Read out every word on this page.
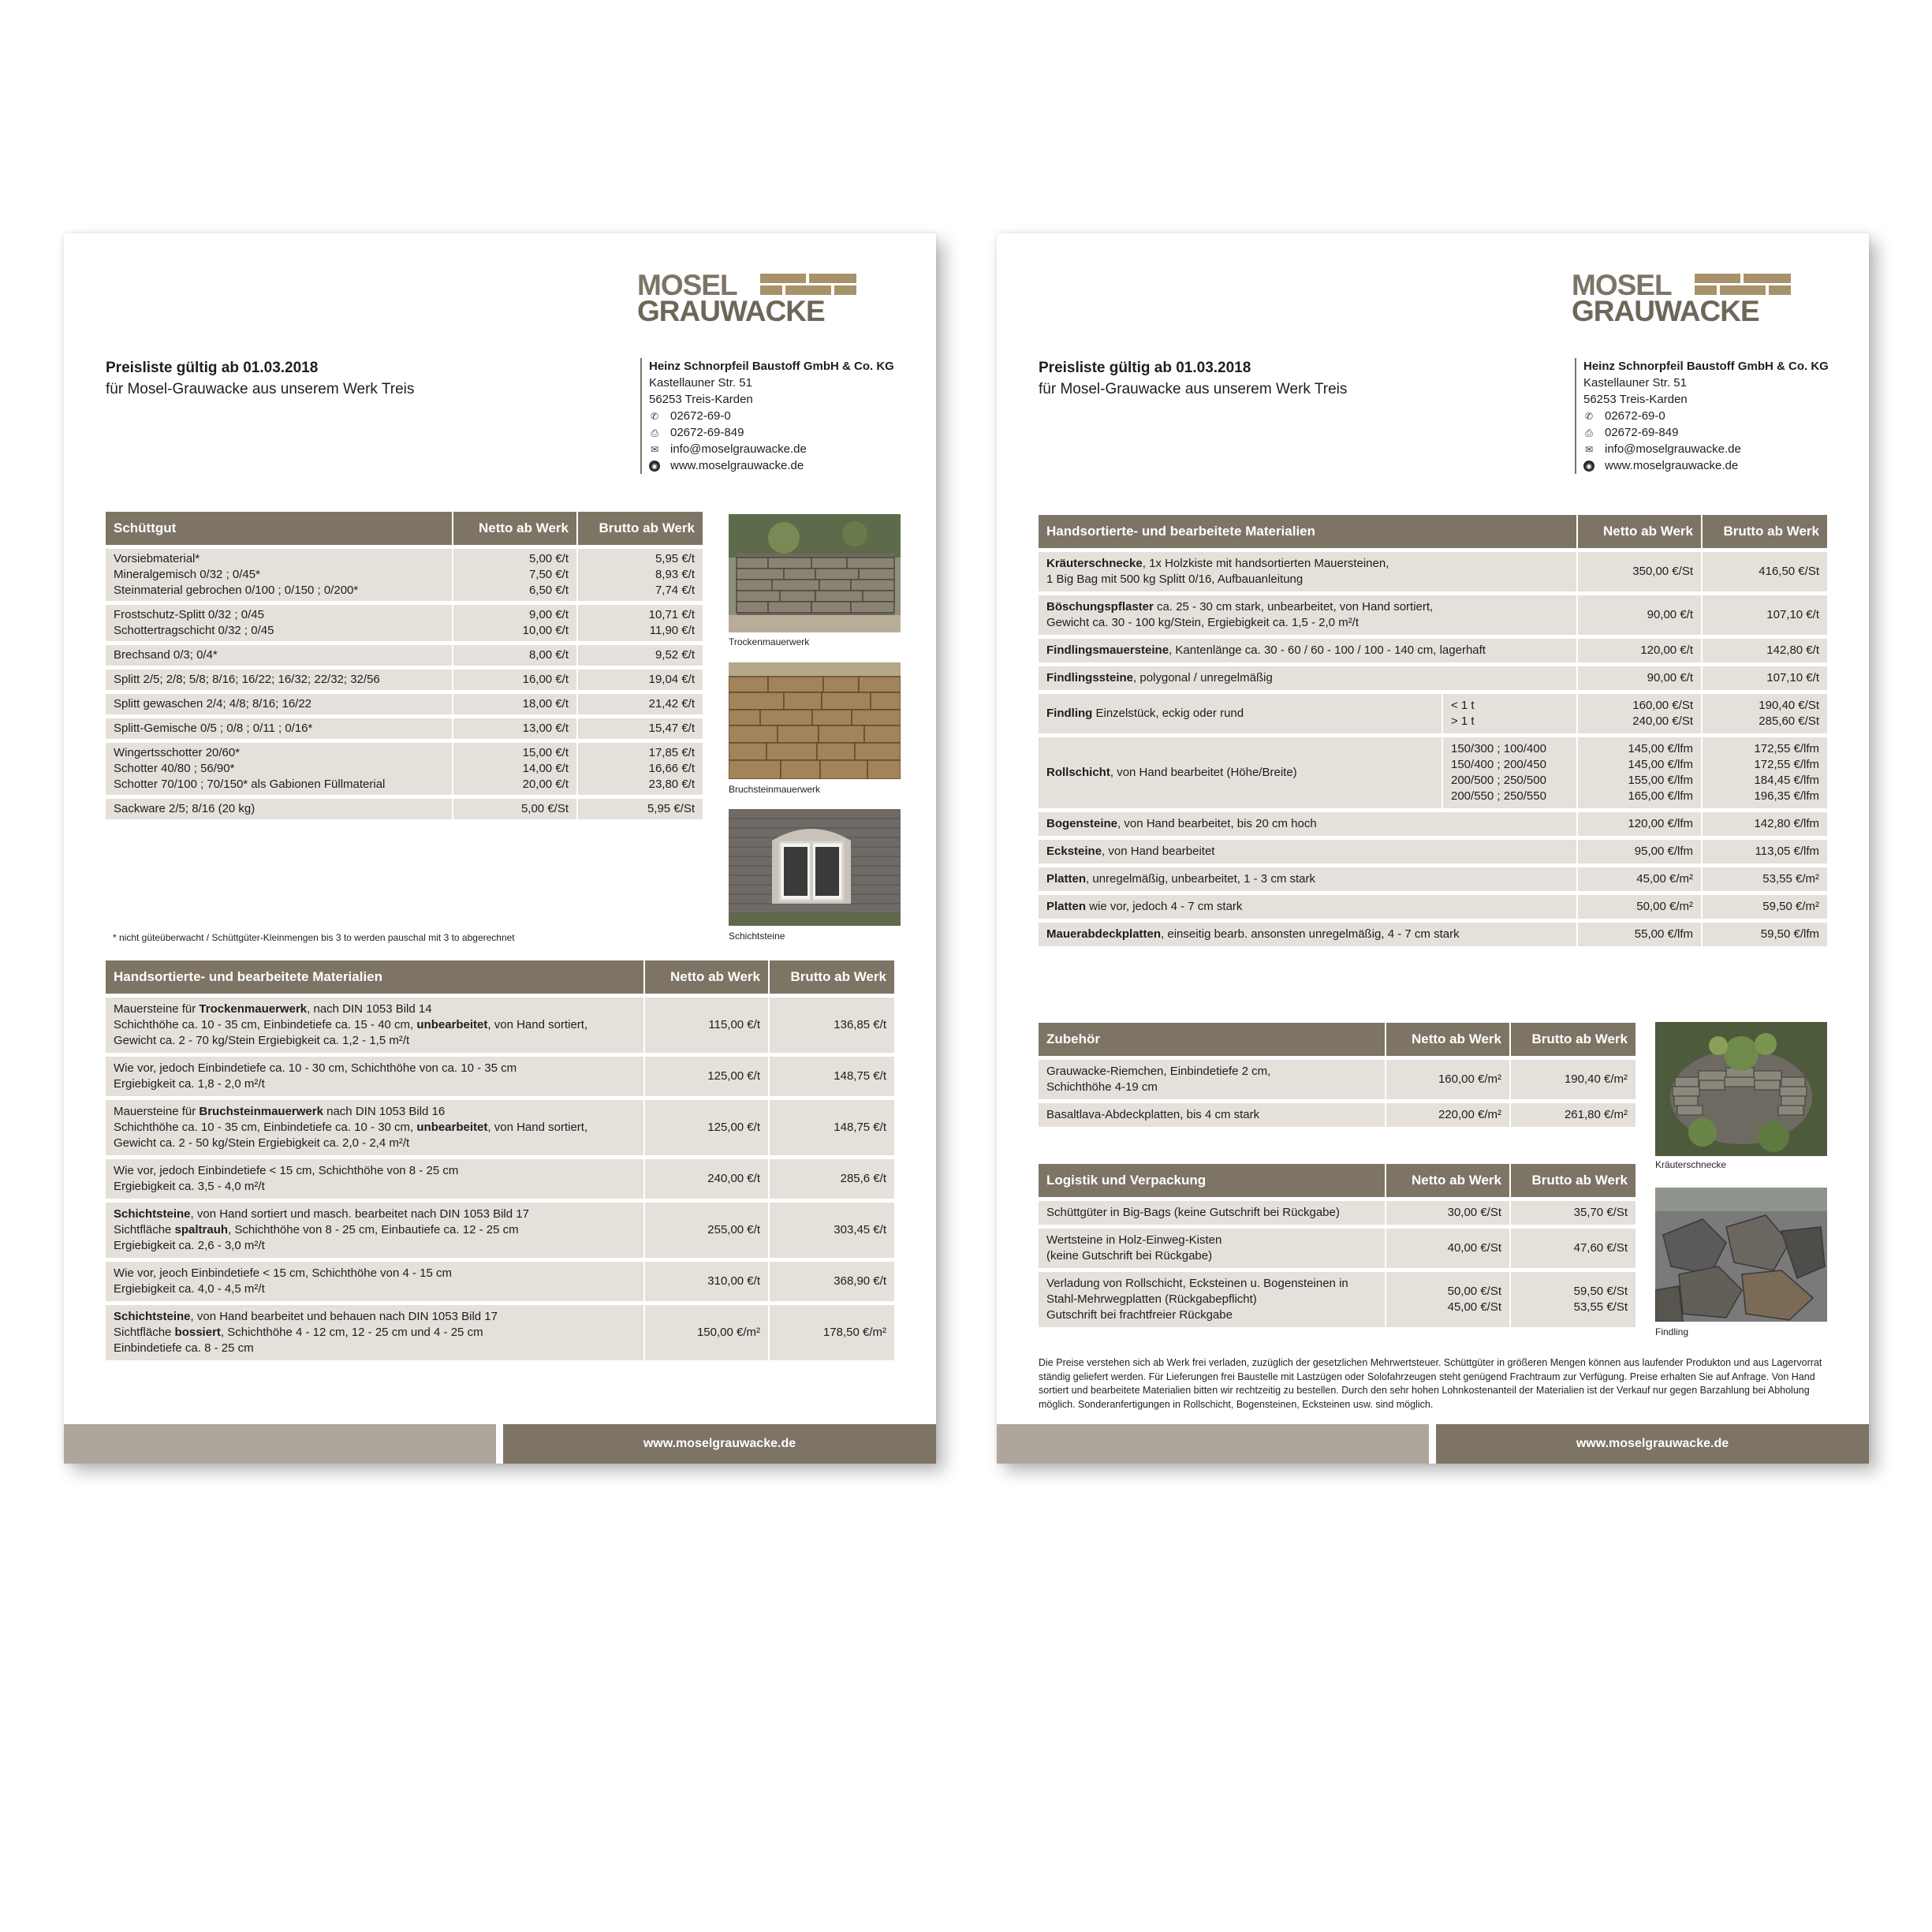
MOSEL
GRAUWACKE
Preisliste gültig ab 01.03.2018
für Mosel-Grauwacke aus unserem Werk Treis
Heinz Schnorpfeil Baustoff GmbH & Co. KG
Kastellauner Str. 51
56253 Treis-Karden
✆ 02672-69-0
⎙ 02672-69-849
✉ info@moselgrauwacke.de
◉ www.moselgrauwacke.de
Schüttgut	Netto ab Werk	Brutto ab Werk

Vorsiebmaterial*
Mineralgemisch 0/32 ; 0/45*
Steinmaterial gebrochen 0/100 ; 0/150 ; 0/200*	5,00 €/t
7,50 €/t
6,50 €/t	5,95 €/t
8,93 €/t
7,74 €/t

Frostschutz-Splitt 0/32 ; 0/45
Schottertragschicht 0/32 ; 0/45	9,00 €/t
10,00 €/t	10,71 €/t
11,90 €/t

Brechsand 0/3; 0/4*	8,00 €/t	9,52 €/t

Splitt 2/5; 2/8; 5/8; 8/16; 16/22; 16/32; 22/32; 32/56	16,00 €/t	19,04 €/t

Splitt gewaschen 2/4; 4/8; 8/16; 16/22	18,00 €/t	21,42 €/t

Splitt-Gemische 0/5 ; 0/8 ; 0/11 ; 0/16*	13,00 €/t	15,47 €/t

Wingertsschotter 20/60*
Schotter 40/80 ; 56/90*
Schotter 70/100 ; 70/150* als Gabionen Füllmaterial	15,00 €/t
14,00 €/t
20,00 €/t	17,85 €/t
16,66 €/t
23,80 €/t

Sackware 2/5; 8/16 (20 kg)	5,00 €/St	5,95 €/St
* nicht güteüberwacht / Schüttgüter-Kleinmengen bis 3 to werden pauschal mit 3 to abgerechnet
Trockenmauerwerk
Bruchsteinmauerwerk
Schichtsteine
Handsortierte- und bearbeitete Materialien	Netto ab Werk	Brutto ab Werk

Mauersteine für Trockenmauerwerk, nach DIN 1053 Bild 14
Schichthöhe ca. 10 - 35 cm, Einbindetiefe ca. 15 - 40 cm, unbearbeitet, von Hand sortiert,
Gewicht ca. 2 - 70 kg/Stein Ergiebigkeit ca. 1,2 - 1,5 m²/t	115,00 €/t	136,85 €/t

Wie vor, jedoch Einbindetiefe ca. 10 - 30 cm, Schichthöhe von ca. 10 - 35 cm
Ergiebigkeit ca. 1,8 - 2,0 m²/t	125,00 €/t	148,75 €/t

Mauersteine für Bruchsteinmauerwerk nach DIN 1053 Bild 16
Schichthöhe ca. 10 - 35 cm, Einbindetiefe ca. 10 - 30 cm, unbearbeitet, von Hand sortiert,
Gewicht ca. 2 - 50 kg/Stein Ergiebigkeit ca. 2,0 - 2,4 m²/t	125,00 €/t	148,75 €/t

Wie vor, jedoch Einbindetiefe < 15 cm, Schichthöhe von 8 - 25 cm
Ergiebigkeit ca. 3,5 - 4,0 m²/t	240,00 €/t	285,6 €/t

Schichtsteine, von Hand sortiert und masch. bearbeitet nach DIN 1053 Bild 17
Sichtfläche spaltrauh, Schichthöhe von 8 - 25 cm, Einbautiefe ca. 12 - 25 cm
Ergiebigkeit ca. 2,6 - 3,0 m²/t	255,00 €/t	303,45 €/t

Wie vor, jeoch Einbindetiefe < 15 cm, Schichthöhe von 4 - 15 cm
Ergiebigkeit ca. 4,0 - 4,5 m²/t	310,00 €/t	368,90 €/t

Schichtsteine, von Hand bearbeitet und behauen nach DIN 1053 Bild 17
Sichtfläche bossiert, Schichthöhe 4 - 12 cm, 12 - 25 cm und 4 - 25 cm
Einbindetiefe ca. 8 - 25 cm	150,00 €/m²	178,50 €/m²
www.moselgrauwacke.de
MOSEL
GRAUWACKE
Preisliste gültig ab 01.03.2018
für Mosel-Grauwacke aus unserem Werk Treis
Heinz Schnorpfeil Baustoff GmbH & Co. KG
Kastellauner Str. 51
56253 Treis-Karden
✆ 02672-69-0
⎙ 02672-69-849
✉ info@moselgrauwacke.de
◉ www.moselgrauwacke.de
Handsortierte- und bearbeitete Materialien		Netto ab Werk	Brutto ab Werk

Kräuterschnecke, 1x Holzkiste mit handsortierten Mauersteinen,
1 Big Bag mit 500 kg Splitt 0/16, Aufbauanleitung		350,00 €/St	416,50 €/St

Böschungspflaster ca. 25 - 30 cm stark, unbearbeitet, von Hand sortiert,
Gewicht ca. 30 - 100 kg/Stein, Ergiebigkeit ca. 1,5 - 2,0 m²/t		90,00 €/t	107,10 €/t

Findlingsmauersteine, Kantenlänge ca. 30 - 60 / 60 - 100 / 100 - 140 cm, lagerhaft		120,00 €/t	142,80 €/t

Findlingssteine, polygonal / unregelmäßig		90,00 €/t	107,10 €/t

Findling Einzelstück, eckig oder rund	< 1 t
> 1 t	160,00 €/St
240,00 €/St	190,40 €/St
285,60 €/St

Rollschicht, von Hand bearbeitet (Höhe/Breite)	150/300 ; 100/400
150/400 ; 200/450
200/500 ; 250/500
200/550 ; 250/550	145,00 €/lfm
145,00 €/lfm
155,00 €/lfm
165,00 €/lfm	172,55 €/lfm
172,55 €/lfm
184,45 €/lfm
196,35 €/lfm

Bogensteine, von Hand bearbeitet, bis 20 cm hoch		120,00 €/lfm	142,80 €/lfm

Ecksteine, von Hand bearbeitet		95,00 €/lfm	113,05 €/lfm

Platten, unregelmäßig, unbearbeitet, 1 - 3 cm stark		45,00 €/m²	53,55 €/m²

Platten wie vor, jedoch 4 - 7 cm stark		50,00 €/m²	59,50 €/m²

Mauerabdeckplatten, einseitig bearb. ansonsten unregelmäßig, 4 - 7 cm stark		55,00 €/lfm	59,50 €/lfm
Zubehör	Netto ab Werk	Brutto ab Werk

Grauwacke-Riemchen, Einbindetiefe 2 cm,
Schichthöhe 4-19 cm	160,00 €/m²	190,40 €/m²

Basaltlava-Abdeckplatten, bis 4 cm stark	220,00 €/m²	261,80 €/m²
Logistik und Verpackung	Netto ab Werk	Brutto ab Werk

Schüttgüter in Big-Bags (keine Gutschrift bei Rückgabe)	30,00 €/St	35,70 €/St

Wertsteine in Holz-Einweg-Kisten
(keine Gutschrift bei Rückgabe)	40,00 €/St	47,60 €/St

Verladung von Rollschicht, Ecksteinen u. Bogensteinen in
Stahl-Mehrwegplatten (Rückgabepflicht)
Gutschrift bei frachtfreier Rückgabe	50,00 €/St
45,00 €/St	59,50 €/St
53,55 €/St
Kräuterschnecke
Findling
Die Preise verstehen sich ab Werk frei verladen, zuzüglich der gesetzlichen Mehrwertsteuer. Schüttgüter in größeren Mengen können aus laufender Produkton und aus Lagervorrat ständig geliefert werden. Für Lieferungen frei Baustelle mit Lastzügen oder Solofahrzeugen steht genügend Frachtraum zur Verfügung. Preise erhalten Sie auf Anfrage. Von Hand sortiert und bearbeitete Materialien bitten wir rechtzeitig zu bestellen. Durch den sehr hohen Lohnkostenanteil der Materialien ist der Verkauf nur gegen Barzahlung bei Abholung möglich. Sonderanfertigungen in Rollschicht, Bogensteinen, Ecksteinen usw. sind möglich.
www.moselgrauwacke.de
